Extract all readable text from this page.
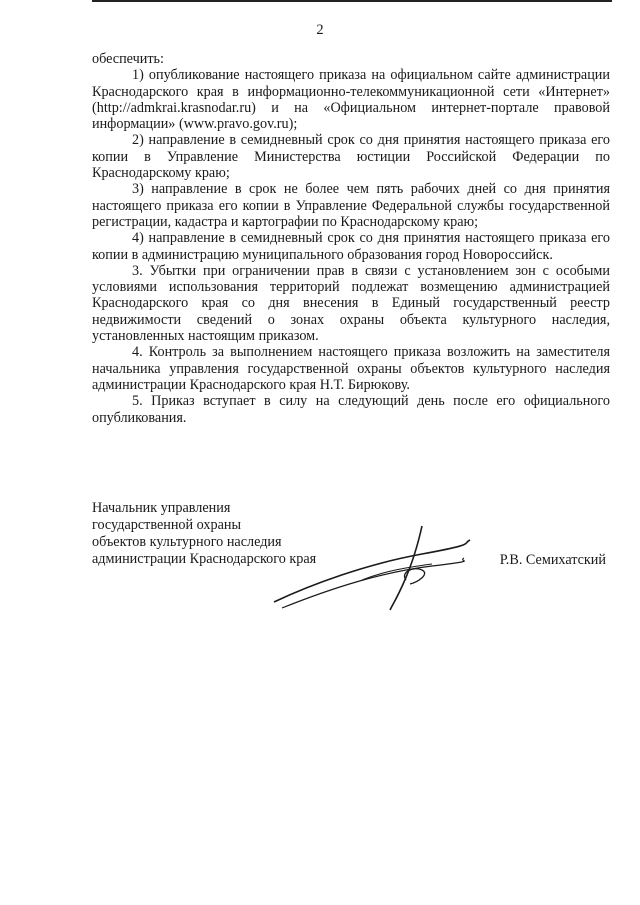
2

обеспечить:

1) опубликование настоящего приказа на официальном сайте администрации Краснодарского края в информационно-телекоммуникационной сети «Интернет» (http://admkrai.krasnodar.ru) и на «Официальном интернет-портале правовой информации» (www.pravo.gov.ru);

2) направление в семидневный срок со дня принятия настоящего приказа его копии в Управление Министерства юстиции Российской Федерации по Краснодарскому краю;

3) направление в срок не более чем пять рабочих дней со дня принятия настоящего приказа его копии в Управление Федеральной службы государственной регистрации, кадастра и картографии по Краснодарскому краю;

4) направление в семидневный срок со дня принятия настоящего приказа его копии в администрацию муниципального образования город Новороссийск.

3. Убытки при ограничении прав в связи с установлением зон с особыми условиями использования территорий подлежат возмещению администрацией Краснодарского края со дня внесения в Единый государственный реестр недвижимости сведений о зонах охраны объекта культурного наследия, установленных настоящим приказом.

4. Контроль за выполнением настоящего приказа возложить на заместителя начальника управления государственной охраны объектов культурного наследия администрации Краснодарского края Н.Т. Бирюкову.

5. Приказ вступает в силу на следующий день после его официального опубликования.

Начальник управления

государственной охраны

объектов культурного наследия

администрации Краснодарского края	Р.В. Семихатский
